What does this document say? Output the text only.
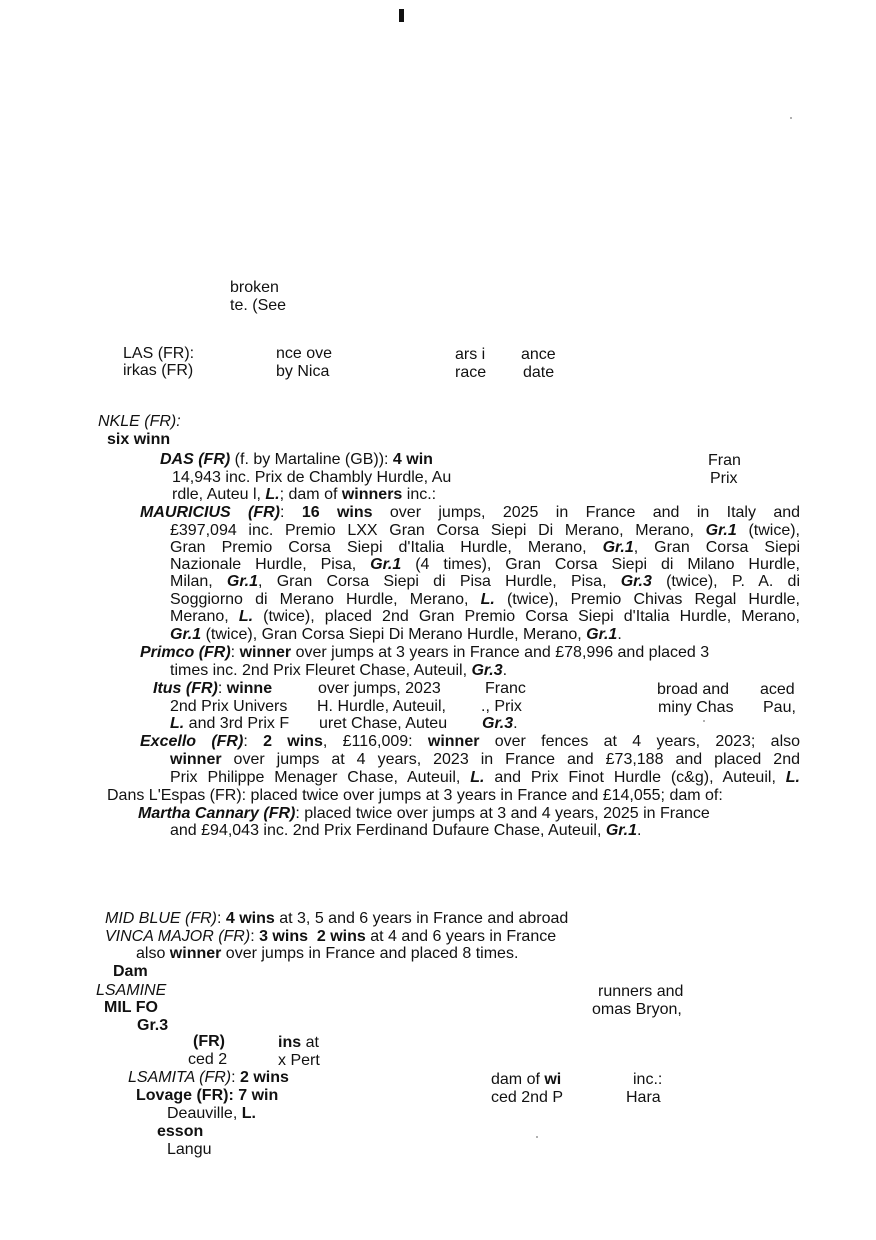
broken
te. (See
LAS (FR):	nce ove	ars i ance
irkas (FR)	by Nica	race date
NKLE (FR):
six winn
DAS (FR) (f. by Martaline (GB)): 4 win	Fran
14,943 inc. Prix de Chambly Hurdle, Au	Prix
rdle, Auteu l, L.; dam of winners inc.:
MAURICIUS (FR): 16 wins over jumps, 2025 in France and in Italy and
£397,094 inc. Premio LXX Gran Corsa Siepi Di Merano, Merano, Gr.1 (twice),
Gran Premio Corsa Siepi d'Italia Hurdle, Merano, Gr.1, Gran Corsa Siepi
Nazionale Hurdle, Pisa, Gr.1 (4 times), Gran Corsa Siepi di Milano Hurdle,
Milan, Gr.1, Gran Corsa Siepi di Pisa Hurdle, Pisa, Gr.3 (twice), P. A. di
Soggiorno di Merano Hurdle, Merano, L. (twice), Premio Chivas Regal Hurdle,
Merano, L. (twice), placed 2nd Gran Premio Corsa Siepi d'Italia Hurdle, Merano,
Gr.1 (twice), Gran Corsa Siepi Di Merano Hurdle, Merano, Gr.1.
Primco (FR): winner over jumps at 3 years in France and £78,996 and placed 3
times inc. 2nd Prix Fleuret Chase, Auteuil, Gr.3.
Itus (FR): winne	over jumps, 2023	Franc	broad and aced
2nd Prix Univers H. Hurdle, Auteuil, ., Prix	miny Chas Pau,
L. and 3rd Prix F uret Chase, Auteu Gr.3.
Excello (FR): 2 wins, £116,009: winner over fences at 4 years, 2023; also
winner over jumps at 4 years, 2023 in France and £73,188 and placed 2nd
Prix Philippe Menager Chase, Auteuil, L. and Prix Finot Hurdle (c&g), Auteuil, L.
Dans L'Espas (FR): placed twice over jumps at 3 years in France and £14,055; dam of:
Martha Cannary (FR): placed twice over jumps at 3 and 4 years, 2025 in France
and £94,043 inc. 2nd Prix Ferdinand Dufaure Chase, Auteuil, Gr.1.
MID BLUE (FR): 4 wins at 3, 5 and 6 years in France and abroad
VINCA MAJOR (FR): 3 wins 2 wins at 4 and 6 years in France
also winner over jumps in France and placed 8 times.
Dam
LSAMINE	runners and
MIL FO	omas Bryon,
Gr.3
(FR)	ins at
ced 2	x Pert
LSAMITA (FR): 2 wins	dam of wi	inc.:
Lovage (FR): 7 win	ced 2nd P	Hara
Deauville, L.
esson
Langu
